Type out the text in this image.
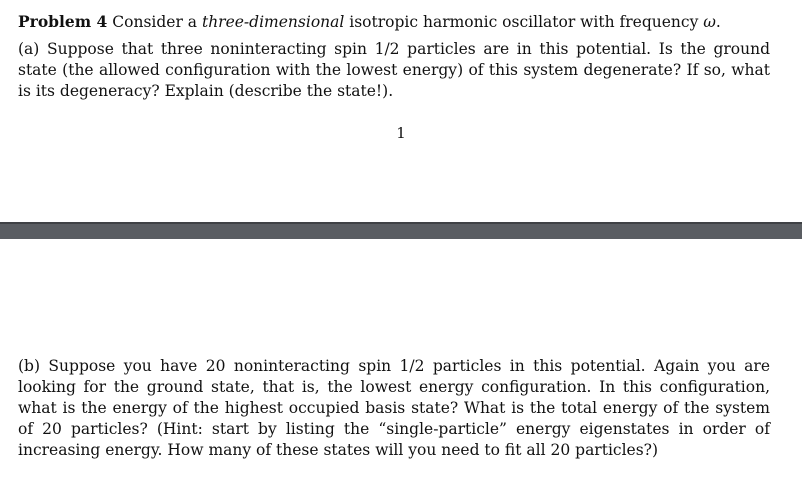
Problem 4 Consider a three-dimensional isotropic harmonic oscillator with frequency ω.

(a) Suppose that three noninteracting spin 1/2 particles are in this potential. Is the ground state (the allowed configuration with the lowest energy) of this system degenerate? If so, what is its degeneracy? Explain (describe the state!).

1

(b) Suppose you have 20 noninteracting spin 1/2 particles in this potential. Again you are looking for the ground state, that is, the lowest energy configuration. In this configuration, what is the energy of the highest occupied basis state? What is the total energy of the system of 20 particles? (Hint: start by listing the “single-particle” energy eigenstates in order of increasing energy. How many of these states will you need to fit all 20 particles?)
